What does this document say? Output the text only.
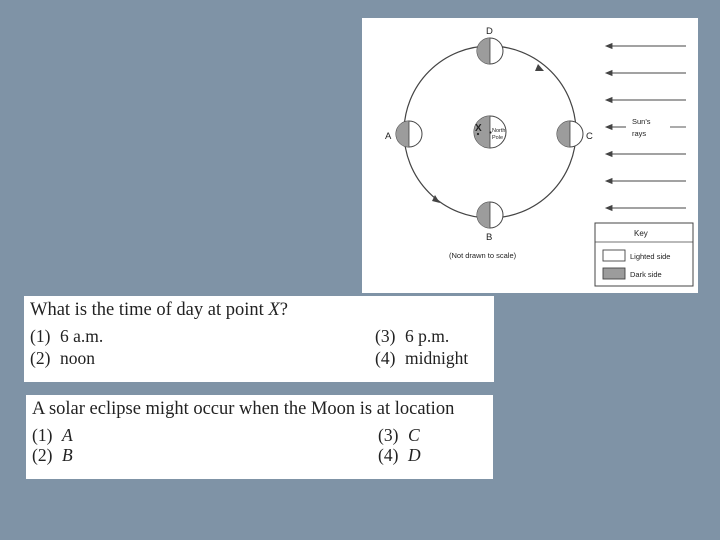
X North
Pole
D
A	C
B
(Not drawn to scale)
Sun's
rays
Key
Lighted side
Dark side
What is the time of day at point X?
(1) 6 a.m.
(2) noon
(3) 6 p.m.
(4) midnight
A solar eclipse might occur when the Moon is at location
(1) A
(2) B
(3) C
(4) D
